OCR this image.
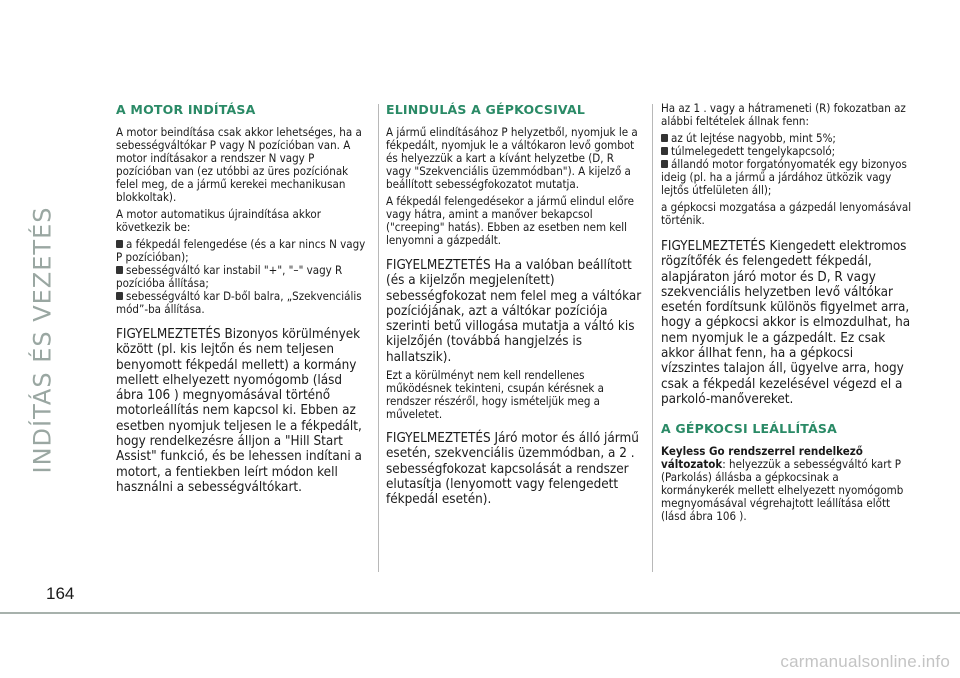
INDÍTÁS ÉS VEZETÉS
A MOTOR INDÍTÁSA

A motor beindítása csak akkor lehetséges, ha a sebességváltókar P vagy N pozícióban van. A motor indításakor a rendszer N vagy P pozícióban van (ez utóbbi az üres pozíciónak felel meg, de a jármű kerekei mechanikusan blokkoltak).

A motor automatikus újraindítása akkor következik be:

a fékpedál felengedése (és a kar nincs N vagy P pozícióban);
sebességváltó kar instabil "+", "–" vagy R pozícióba állítása;
sebességváltó kar D-ből balra, „Szekvenciális mód”-ba állítása.

FIGYELMEZTETÉS Bizonyos körülmények között (pl. kis lejtőn és nem teljesen benyomott fékpedál mellett) a kormány mellett elhelyezett nyomógomb (lásd ábra 106 ) megnyomásával történő motorleállítás nem kapcsol ki. Ebben az esetben nyomjuk teljesen le a fékpedált, hogy rendelkezésre álljon a "Hill Start Assist" funkció, és be lehessen indítani a motort, a fentiekben leírt módon kell használni a sebességváltókart.

ELINDULÁS A GÉPKOCSIVAL

A jármű elindításához P helyzetből, nyomjuk le a fékpedált, nyomjuk le a váltókaron levő gombot és helyezzük a kart a kívánt helyzetbe (D, R vagy "Szekvenciális üzemmódban"). A kijelző a beállított sebességfokozatot mutatja.

A fékpedál felengedésekor a jármű elindul előre vagy hátra, amint a manőver bekapcsol ("creeping" hatás). Ebben az esetben nem kell lenyomni a gázpedált.

FIGYELMEZTETÉS Ha a valóban beállított (és a kijelzőn megjelenített) sebességfokozat nem felel meg a váltókar pozíciójának, azt a váltókar pozíciója szerinti betű villogása mutatja a váltó kis kijelzőjén (továbbá hangjelzés is hallatszik).

Ezt a körülményt nem kell rendellenes működésnek tekinteni, csupán kérésnek a rendszer részéről, hogy ismételjük meg a műveletet.

FIGYELMEZTETÉS Járó motor és álló jármű esetén, szekvenciális üzemmódban, a 2 . sebességfokozat kapcsolását a rendszer elutasítja (lenyomott vagy felengedett fékpedál esetén).

Ha az 1 . vagy a hátrameneti (R) fokozatban az alábbi feltételek állnak fenn:

az út lejtése nagyobb, mint 5%;
túlmelegedett tengelykapcsoló;
állandó motor forgatónyomaték egy bizonyos ideig (pl. ha a jármű a járdához ütközik vagy lejtős útfelületen áll);

a gépkocsi mozgatása a gázpedál lenyomásával történik.

FIGYELMEZTETÉS Kiengedett elektromos rögzítőfék és felengedett fékpedál, alapjáraton járó motor és D, R vagy szekvenciális helyzetben levő váltókar esetén fordítsunk különös figyelmet arra, hogy a gépkocsi akkor is elmozdulhat, ha nem nyomjuk le a gázpedált. Ez csak akkor állhat fenn, ha a gépkocsi vízszintes talajon áll, ügyelve arra, hogy csak a fékpedál kezelésével végezd el a parkoló-manővereket.

A GÉPKOCSI LEÁLLÍTÁSA

Keyless Go rendszerrel rendelkező változatok: helyezzük a sebességváltó kart P (Parkolás) állásba a gépkocsinak a kormánykerék mellett elhelyezett nyomógomb megnyomásával végrehajtott leállítása előtt (lásd ábra 106 ).

164
carmanualsonline.info
